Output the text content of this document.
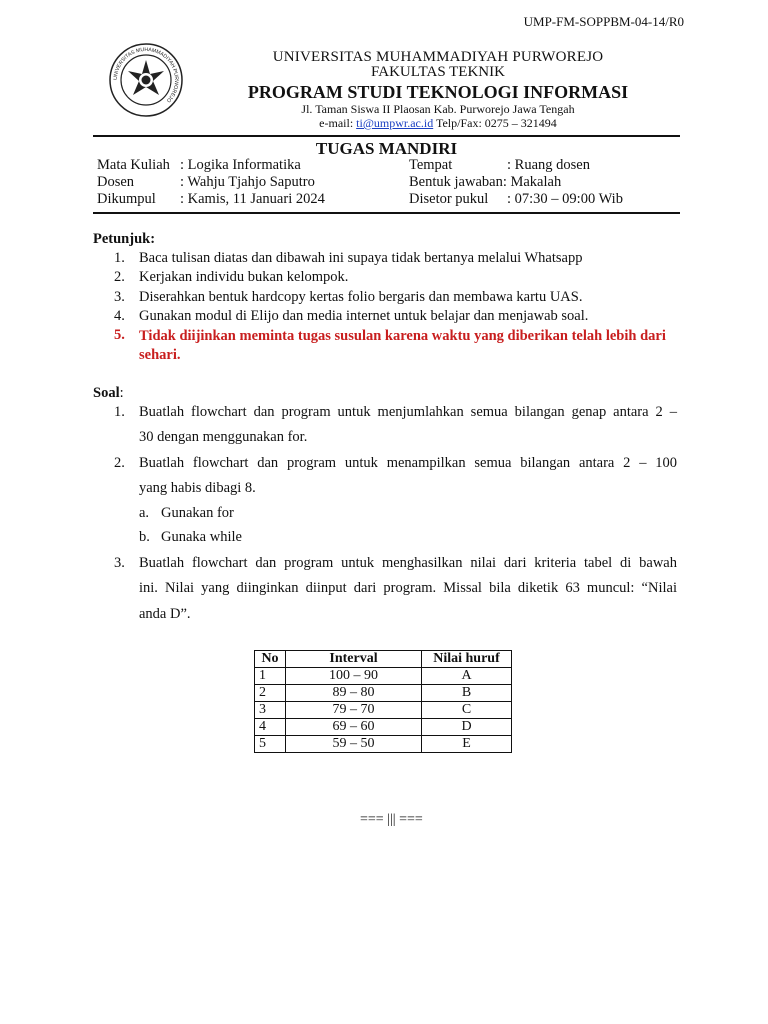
UMP-FM-SOPPBM-04-14/R0
UNIVERSITAS MUHAMMADIYAH PURWOREJO
UNIVERSITAS MUHAMMADIYAH PURWOREJO
FAKULTAS TEKNIK
PROGRAM STUDI TEKNOLOGI INFORMASI
Jl. Taman Siswa II Plaosan Kab. Purworejo Jawa Tengah
e-mail: ti@umpwr.ac.id Telp/Fax: 0275 – 321494
TUGAS MANDIRI
Mata Kuliah	: Logika Informatika
Dosen	: Wahju Tjahjo Saputro
Dikumpul	: Kamis, 11 Januari 2024
Tempat	: Ruang dosen
Bentuk jawaban: Makalah	
Disetor pukul	: 07:30 – 09:00 Wib
Petunjuk:
1. Baca tulisan diatas dan dibawah ini supaya tidak bertanya melalui Whatsapp
2. Kerjakan individu bukan kelompok.
3. Diserahkan bentuk hardcopy kertas folio bergaris dan membawa kartu UAS.
4. Gunakan modul di Elijo dan media internet untuk belajar dan menjawab soal.
5. Tidak diijinkan meminta tugas susulan karena waktu yang diberikan telah lebih dari sehari.
Soal:
1. Buatlah flowchart dan program untuk menjumlahkan semua bilangan genap antara 2 –
30 dengan menggunakan for.
2. Buatlah flowchart dan program untuk menampilkan semua bilangan antara 2 – 100
yang habis dibagi 8.
a. Gunakan for
b. Gunaka while
3. Buatlah flowchart dan program untuk menghasilkan nilai dari kriteria tabel di bawah
ini. Nilai yang diinginkan diinput dari program. Missal bila diketik 63 muncul: “Nilai
anda D”.
No	Interval	Nilai huruf
1	100 – 90	A
2	89 – 80	B
3	79 – 70	C
4	69 – 60	D
5	59 – 50	E
=== ||| ===
